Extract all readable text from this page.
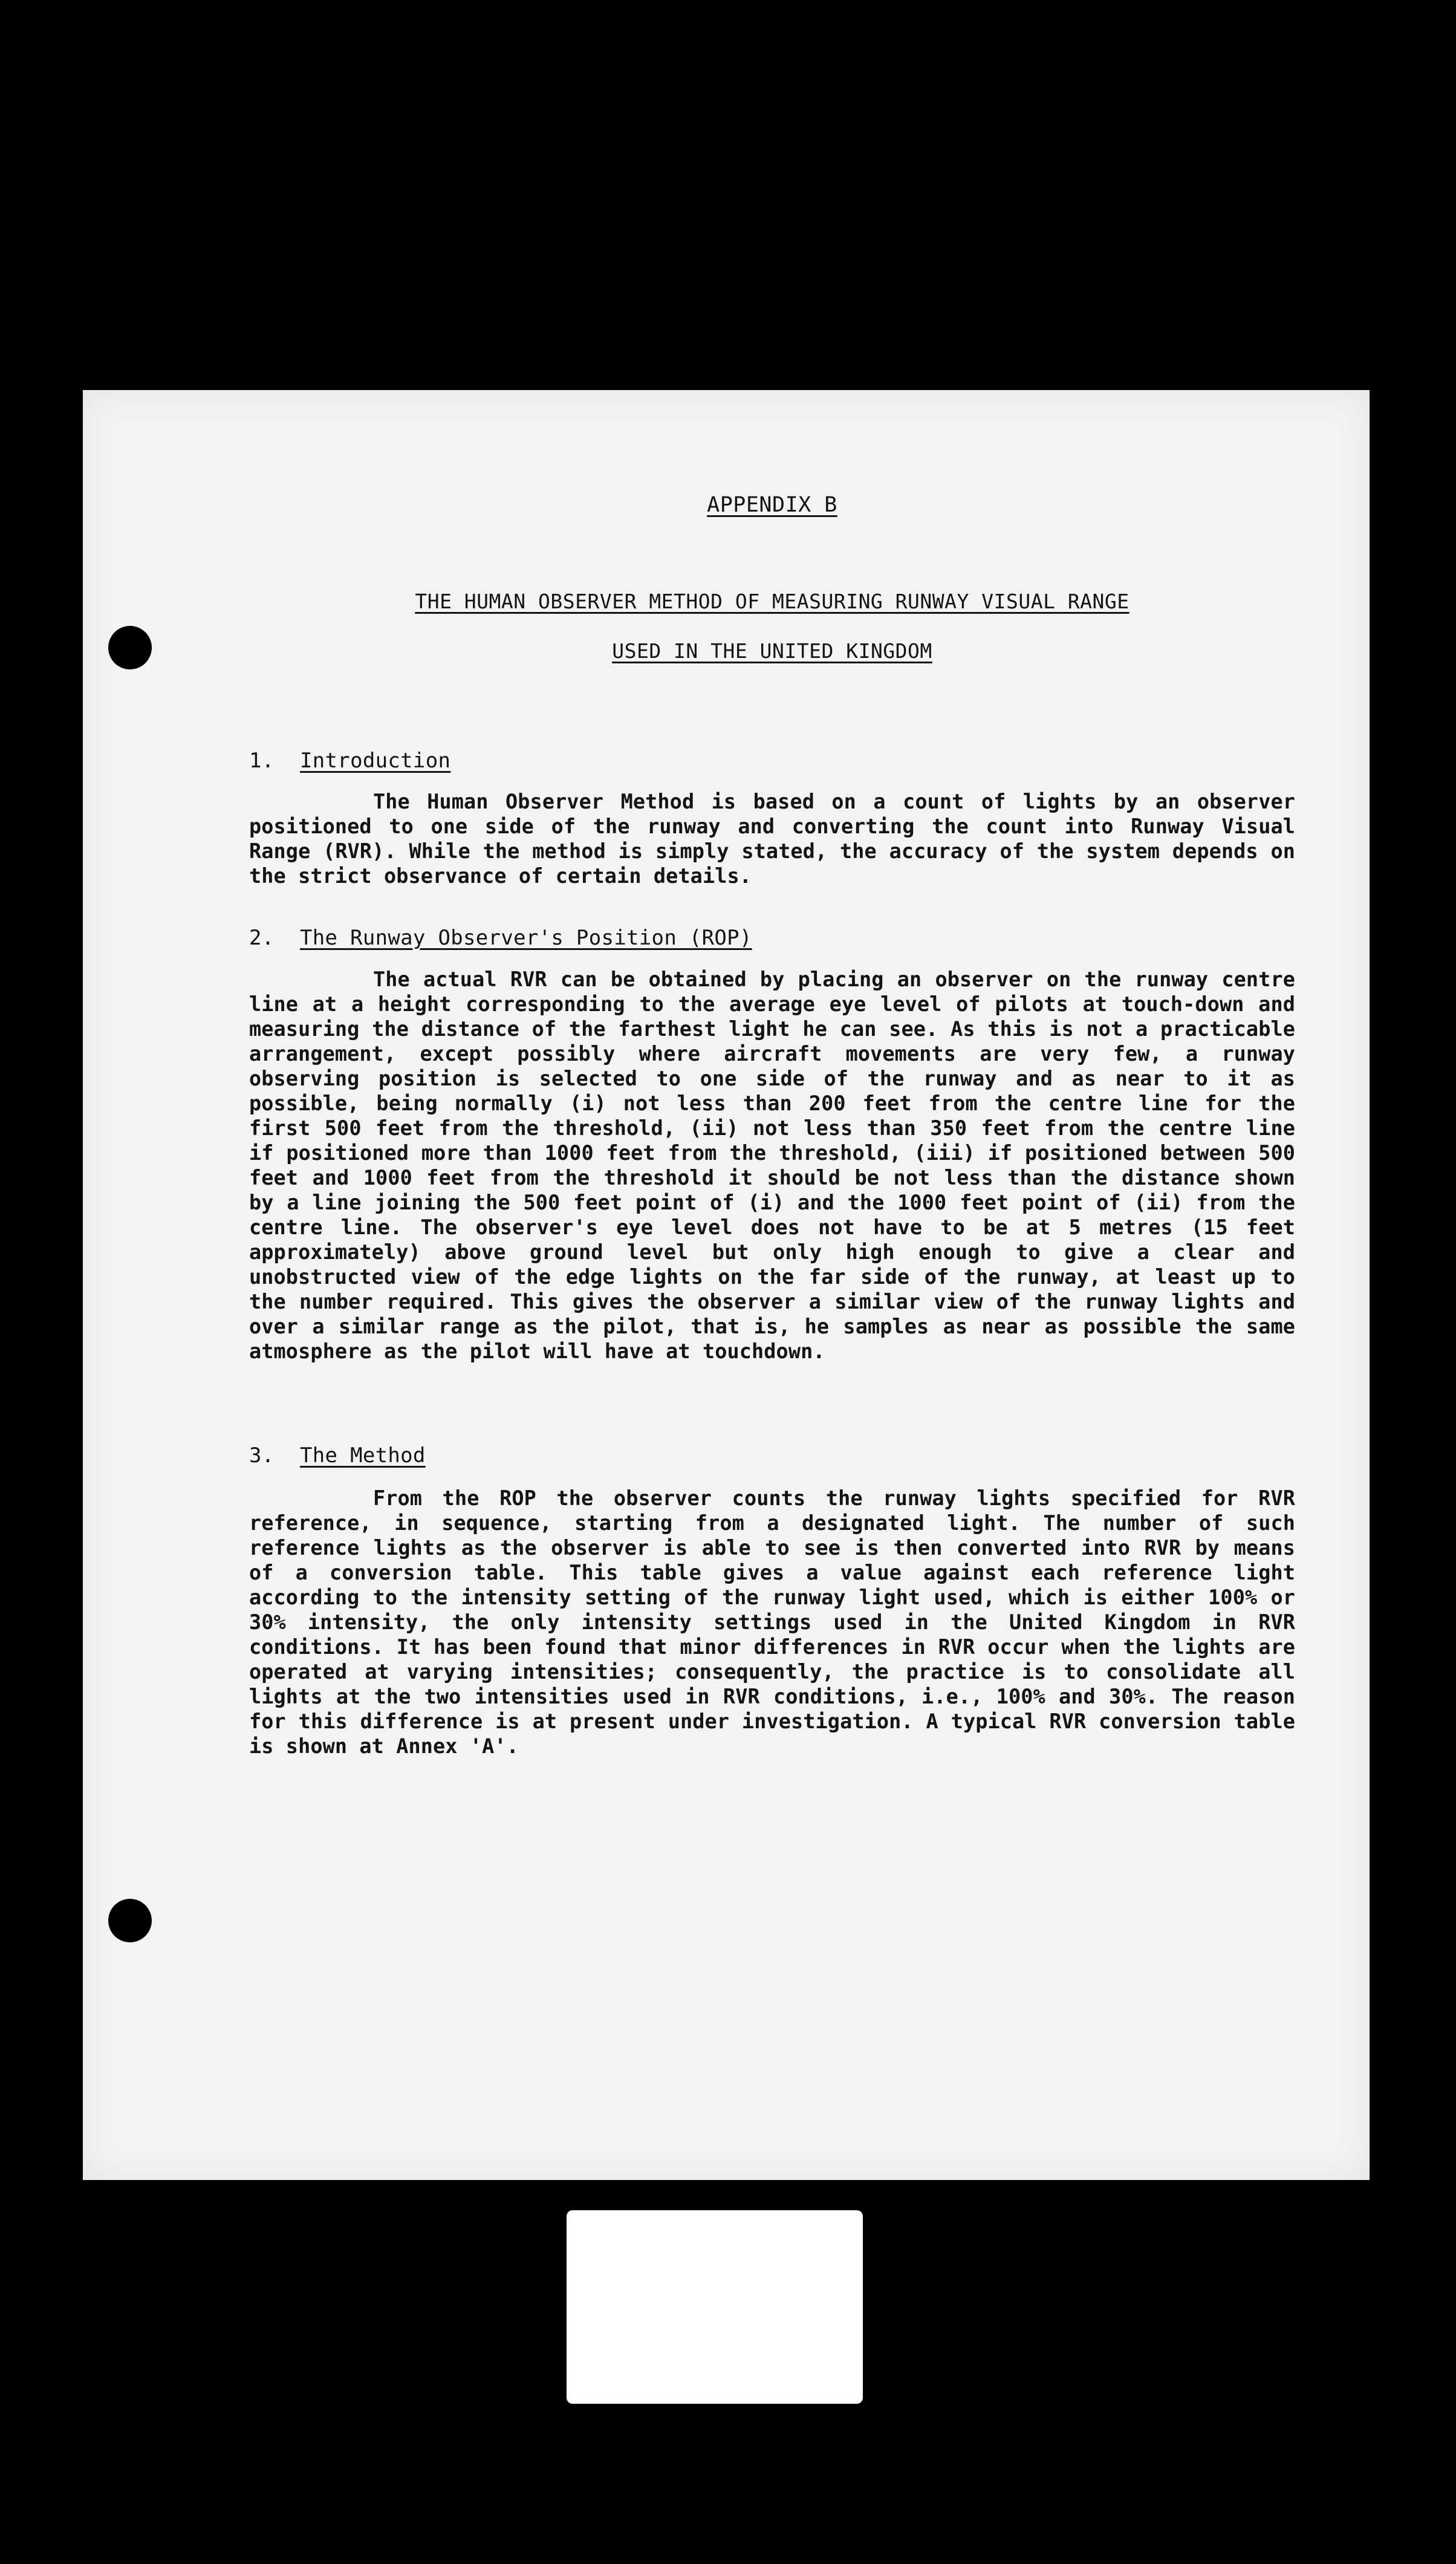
APPENDIX B
THE HUMAN OBSERVER METHOD OF MEASURING RUNWAY VISUAL RANGE
USED IN THE UNITED KINGDOM
1. Introduction

The Human Observer Method is based on a count of lights by an observer positioned to one side of the runway and converting the count into Runway Visual Range (RVR). While the method is simply stated, the accuracy of the system depends on the strict observance of certain details.

2. The Runway Observer's Position (ROP)

The actual RVR can be obtained by placing an observer on the runway centre line at a height corresponding to the average eye level of pilots at touch-down and measuring the distance of the farthest light he can see. As this is not a practicable arrangement, except possibly where aircraft movements are very few, a runway observing position is selected to one side of the runway and as near to it as possible, being normally (i) not less than 200 feet from the centre line for the first 500 feet from the threshold, (ii) not less than 350 feet from the centre line if positioned more than 1000 feet from the threshold, (iii) if positioned between 500 feet and 1000 feet from the threshold it should be not less than the distance shown by a line joining the 500 feet point of (i) and the 1000 feet point of (ii) from the centre line. The observer's eye level does not have to be at 5 metres (15 feet approximately) above ground level but only high enough to give a clear and unobstructed view of the edge lights on the far side of the runway, at least up to the number required. This gives the observer a similar view of the runway lights and over a similar range as the pilot, that is, he samples as near as possible the same atmosphere as the pilot will have at touchdown.

3. The Method

From the ROP the observer counts the runway lights specified for RVR reference, in sequence, starting from a designated light. The number of such reference lights as the observer is able to see is then converted into RVR by means of a conversion table. This table gives a value against each reference light according to the intensity setting of the runway light used, which is either 100% or 30% intensity, the only intensity settings used in the United Kingdom in RVR conditions. It has been found that minor differences in RVR occur when the lights are operated at varying intensities; consequently, the practice is to consolidate all lights at the two intensities used in RVR conditions, i.e., 100% and 30%. The reason for this difference is at present under investigation. A typical RVR conversion table is shown at Annex 'A'.
